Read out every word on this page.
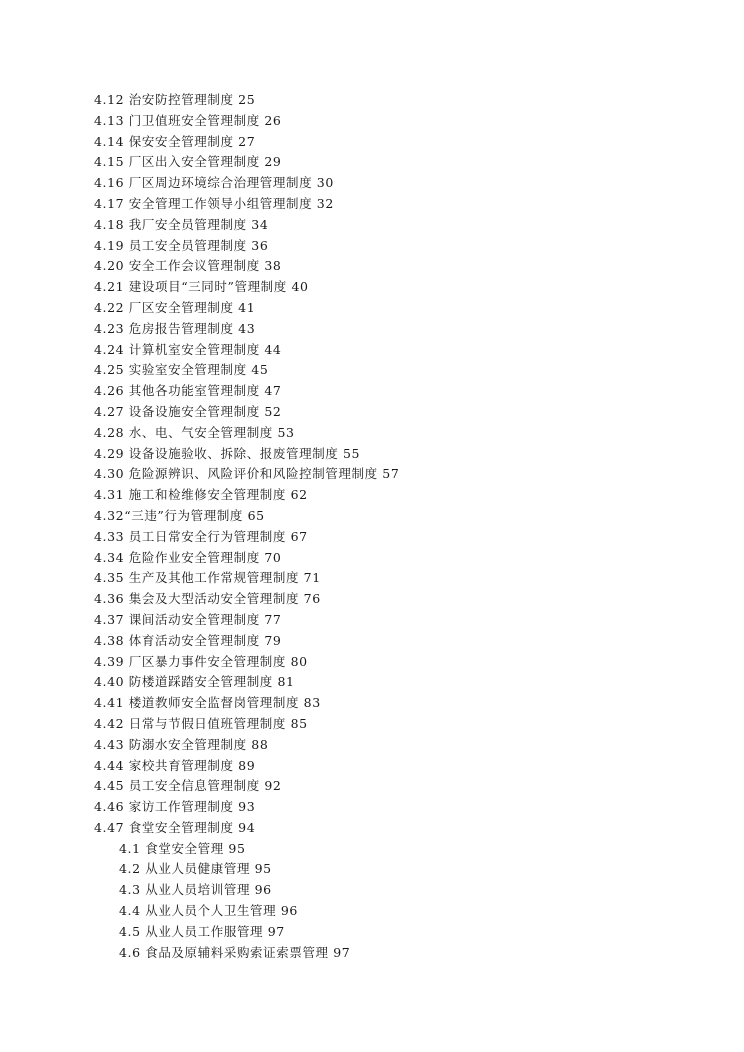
4.12 治安防控管理制度 25
4.13 门卫值班安全管理制度 26
4.14 保安安全管理制度 27
4.15 厂区出入安全管理制度 29
4.16 厂区周边环境综合治理管理制度 30
4.17 安全管理工作领导小组管理制度 32
4.18 我厂安全员管理制度 34
4.19 员工安全员管理制度 36
4.20 安全工作会议管理制度 38
4.21 建设项目“三同时”管理制度 40
4.22 厂区安全管理制度 41
4.23 危房报告管理制度 43
4.24 计算机室安全管理制度 44
4.25 实验室安全管理制度 45
4.26 其他各功能室管理制度 47
4.27 设备设施安全管理制度 52
4.28 水、电、气安全管理制度 53
4.29 设备设施验收、拆除、报废管理制度 55
4.30 危险源辨识、风险评价和风险控制管理制度 57
4.31 施工和检维修安全管理制度 62
4.32“三违”行为管理制度 65
4.33 员工日常安全行为管理制度 67
4.34 危险作业安全管理制度 70
4.35 生产及其他工作常规管理制度 71
4.36 集会及大型活动安全管理制度 76
4.37 课间活动安全管理制度 77
4.38 体育活动安全管理制度 79
4.39 厂区暴力事件安全管理制度 80
4.40 防楼道踩踏安全管理制度 81
4.41 楼道教师安全监督岗管理制度 83
4.42 日常与节假日值班管理制度 85
4.43 防溺水安全管理制度 88
4.44 家校共育管理制度 89
4.45 员工安全信息管理制度 92
4.46 家访工作管理制度 93
4.47 食堂安全管理制度 94
4.1 食堂安全管理 95
4.2 从业人员健康管理 95
4.3 从业人员培训管理 96
4.4 从业人员个人卫生管理 96
4.5 从业人员工作服管理 97
4.6 食品及原辅料采购索证索票管理 97
